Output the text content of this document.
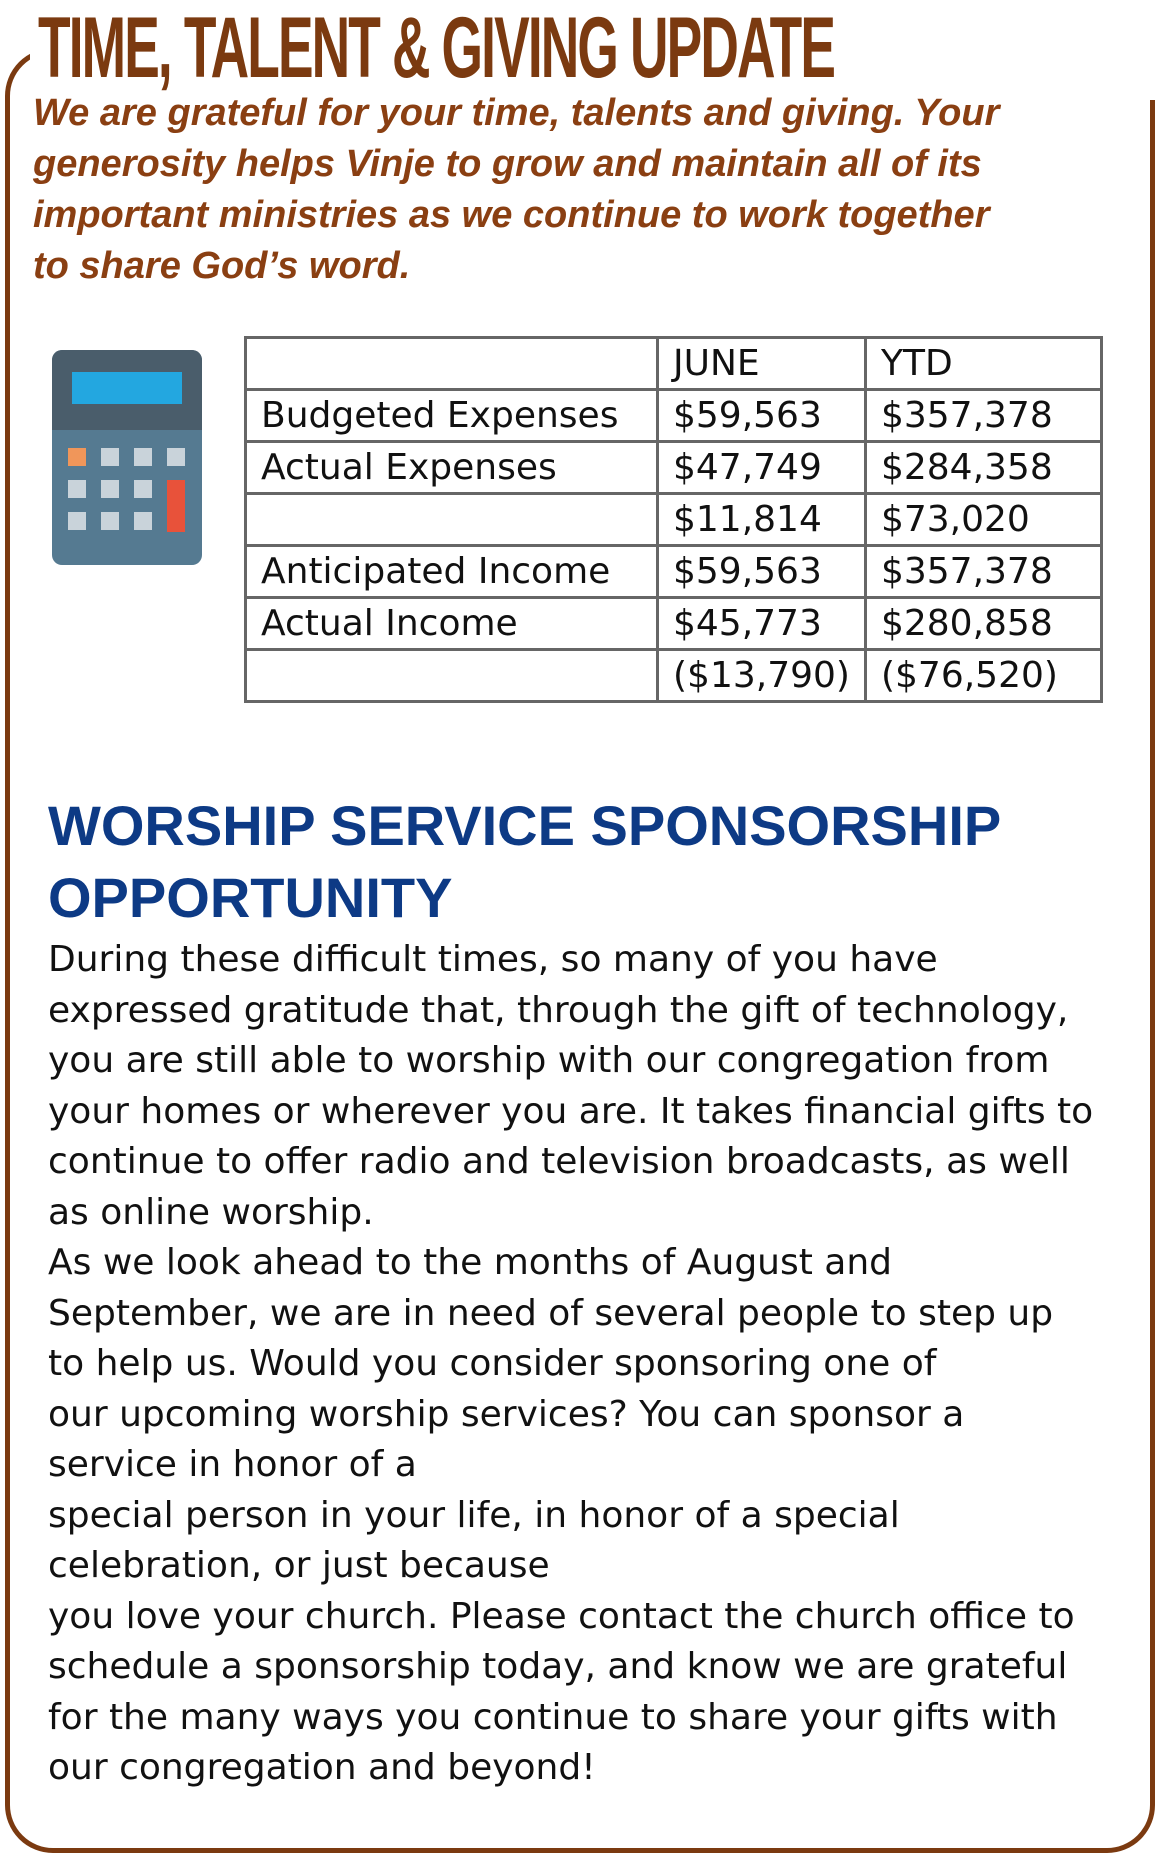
TIME, TALENT & GIVING UPDATE
We are grateful for your time, talents and giving. Your
generosity helps Vinje to grow and maintain all of its
important ministries as we continue to work together
to share God’s word.
	JUNE	YTD
Budgeted Expenses	$59,563	$357,378
Actual Expenses	$47,749	$284,358
	$11,814	$73,020
Anticipated Income	$59,563	$357,378
Actual Income	$45,773	$280,858
	($13,790)	($76,520)
WORSHIP SERVICE SPONSORSHIP
OPPORTUNITY
During these difficult times, so many of you have
expressed gratitude that, through the gift of technology,
you are still able to worship with our congregation from
your homes or wherever you are. It takes financial gifts to
continue to offer radio and television broadcasts, as well
as online worship.
As we look ahead to the months of August and
September, we are in need of several people to step up
to help us. Would you consider sponsoring one of
our upcoming worship services? You can sponsor a
service in honor of a
special person in your life, in honor of a special
celebration, or just because
you love your church. Please contact the church office to
schedule a sponsorship today, and know we are grateful
for the many ways you continue to share your gifts with
our congregation and beyond!
